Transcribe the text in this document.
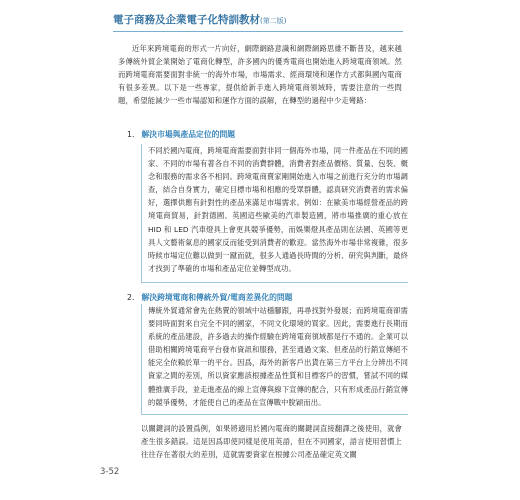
電子商務及企業電子化特訓教材(第二版)
近年來跨境電商的形式一片向好，網際網路意識和網際網路思維不斷普及，越來越多傳統外貿企業開始了電商化轉型，許多國內的優秀電商也開始進入跨境電商領域。然而跨境電商需要面對非統一的海外市場，市場需求、經商環境和運作方式都與國內電商有很多差異。以下是一些專家，提供給新手進入跨境電商領域時，需要注意的一些問題，希望能減少一些市場認知和運作方面的誤解，在轉型的過程中少走彎路：
1. 解決市場與產品定位的問題

不同於國內電商，跨境電商需要面對非同一個海外市場，同一件產品在不同的國家、不同的市場有著各自不同的消費群體，消費者對產品價格、質量、包裝、概念和服務的需求各不相同。跨境電商賣家剛開始進入市場之前進行充分的市場調查，結合自身實力，確定目標市場和相應的受眾群體，認真研究消費者的需求偏好，選擇供應有針對性的產品來滿足市場需求。例如：在歐美市場經營產品的跨境電商貿易，針對德國、英國這些歐美的汽車製造國，將市場推廣的重心放在 HID 和 LED 汽車燈具上會更具競爭優勢，而娛樂燈具產品則在法國、英國等更具人文藝術氣息的國家反而能受到消費者的歡迎。當然海外市場非常複雜，很多時候市場定位難以做到一蹴而就，很多人通過長時間的分析、研究與判斷，最終才找到了準確的市場和產品定位並轉型成功。

2. 解決跨境電商和傳統外貿/電商差異化的問題

傳統外貿通常會先在熱賣的領域中站穩腳跟，再尋找對外發展；而跨境電商卻需要同時面對來自完全不同的國家，不同文化環境的買家。因此，需要進行長期而系統的產品建設，許多過去的操作經驗在跨境電商領域都是行不通的。企業可以借助相關跨境電商平台發布資訊和服務，甚至通過文案、但產品的行銷宣傳絕不能完全依賴於單一的平台。因爲，海外的新客戶出貨在第三方平台上分辨出不同資家之間的差別，所以資家應該根據產品性質和目標客戶的習慣，嘗試不同的媒體推廣手段，並走進產品的線上宣傳與線下宣傳的配合，只有形成產品行銷宣傳的競爭優勢，才能使自己的產品在宣傳戰中脫穎而出。

以關鍵詞的設置爲例，如果將適用於國內電商的關鍵詞直接翻譯之後使用，就會產生很多錯誤。這是因爲即使同樣是使用英語，但在不同國家，語言使用習慣上往往存在著很大的差別，這就需要資家在根據公司產品確定英文關
3-52
